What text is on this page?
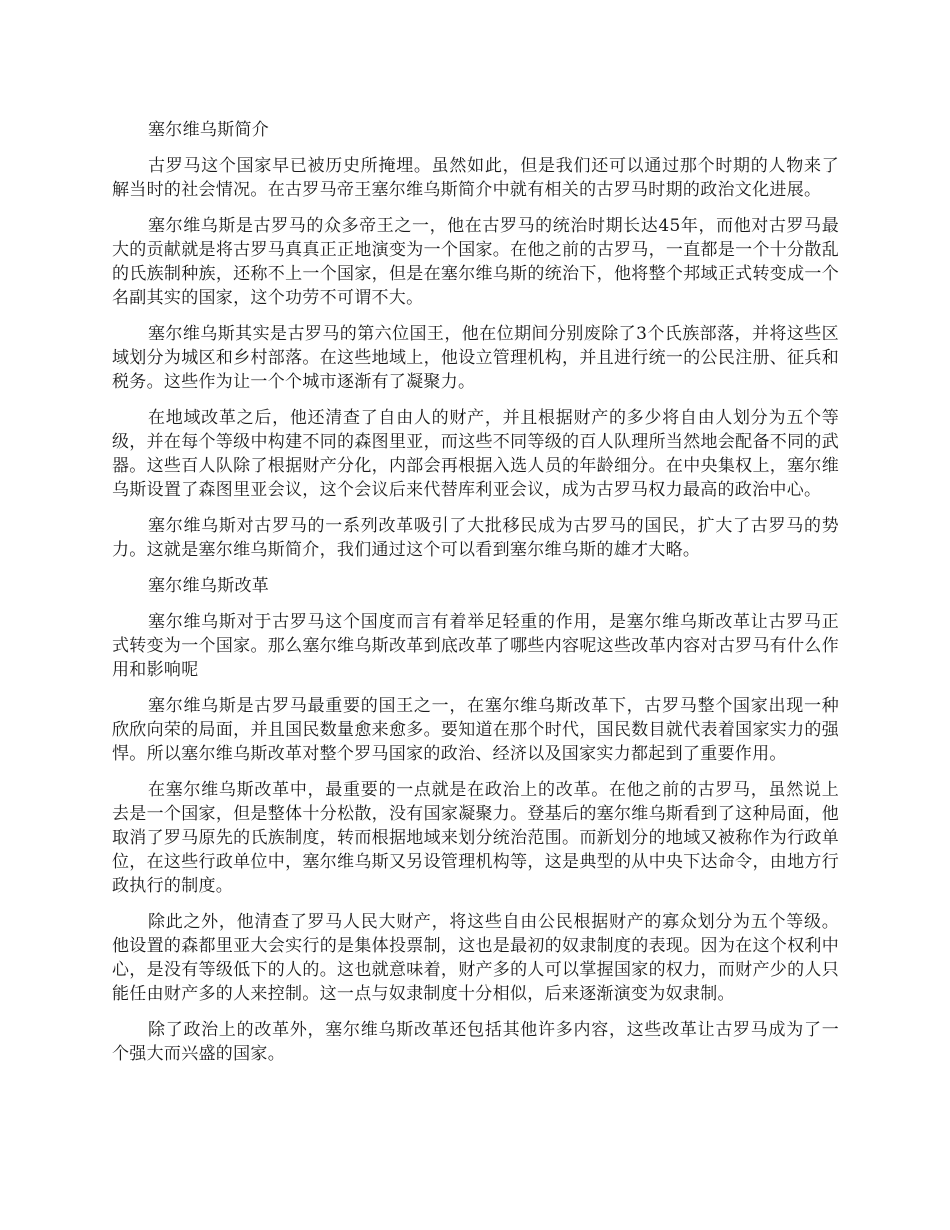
塞尔维乌斯简介

古罗马这个国家早已被历史所掩埋。虽然如此，但是我们还可以通过那个时期的人物来了解当时的社会情况。在古罗马帝王塞尔维乌斯简介中就有相关的古罗马时期的政治文化进展。

塞尔维乌斯是古罗马的众多帝王之一，他在古罗马的统治时期长达45年，而他对古罗马最大的贡献就是将古罗马真真正正地演变为一个国家。在他之前的古罗马，一直都是一个十分散乱的氏族制种族，还称不上一个国家，但是在塞尔维乌斯的统治下，他将整个邦域正式转变成一个名副其实的国家，这个功劳不可谓不大。

塞尔维乌斯其实是古罗马的第六位国王，他在位期间分别废除了3个氏族部落，并将这些区域划分为城区和乡村部落。在这些地域上，他设立管理机构，并且进行统一的公民注册、征兵和税务。这些作为让一个个城市逐渐有了凝聚力。

在地域改革之后，他还清查了自由人的财产，并且根据财产的多少将自由人划分为五个等级，并在每个等级中构建不同的森图里亚，而这些不同等级的百人队理所当然地会配备不同的武器。这些百人队除了根据财产分化，内部会再根据入选人员的年龄细分。在中央集权上，塞尔维乌斯设置了森图里亚会议，这个会议后来代替库利亚会议，成为古罗马权力最高的政治中心。

塞尔维乌斯对古罗马的一系列改革吸引了大批移民成为古罗马的国民，扩大了古罗马的势力。这就是塞尔维乌斯简介，我们通过这个可以看到塞尔维乌斯的雄才大略。

塞尔维乌斯改革

塞尔维乌斯对于古罗马这个国度而言有着举足轻重的作用，是塞尔维乌斯改革让古罗马正式转变为一个国家。那么塞尔维乌斯改革到底改革了哪些内容呢这些改革内容对古罗马有什么作用和影响呢

塞尔维乌斯是古罗马最重要的国王之一，在塞尔维乌斯改革下，古罗马整个国家出现一种欣欣向荣的局面，并且国民数量愈来愈多。要知道在那个时代，国民数目就代表着国家实力的强悍。所以塞尔维乌斯改革对整个罗马国家的政治、经济以及国家实力都起到了重要作用。

在塞尔维乌斯改革中，最重要的一点就是在政治上的改革。在他之前的古罗马，虽然说上去是一个国家，但是整体十分松散，没有国家凝聚力。登基后的塞尔维乌斯看到了这种局面，他取消了罗马原先的氏族制度，转而根据地域来划分统治范围。而新划分的地域又被称作为行政单位，在这些行政单位中，塞尔维乌斯又另设管理机构等，这是典型的从中央下达命令，由地方行政执行的制度。

除此之外，他清查了罗马人民大财产，将这些自由公民根据财产的寡众划分为五个等级。他设置的森都里亚大会实行的是集体投票制，这也是最初的奴隶制度的表现。因为在这个权利中心，是没有等级低下的人的。这也就意味着，财产多的人可以掌握国家的权力，而财产少的人只能任由财产多的人来控制。这一点与奴隶制度十分相似，后来逐渐演变为奴隶制。

除了政治上的改革外，塞尔维乌斯改革还包括其他许多内容，这些改革让古罗马成为了一个强大而兴盛的国家。
